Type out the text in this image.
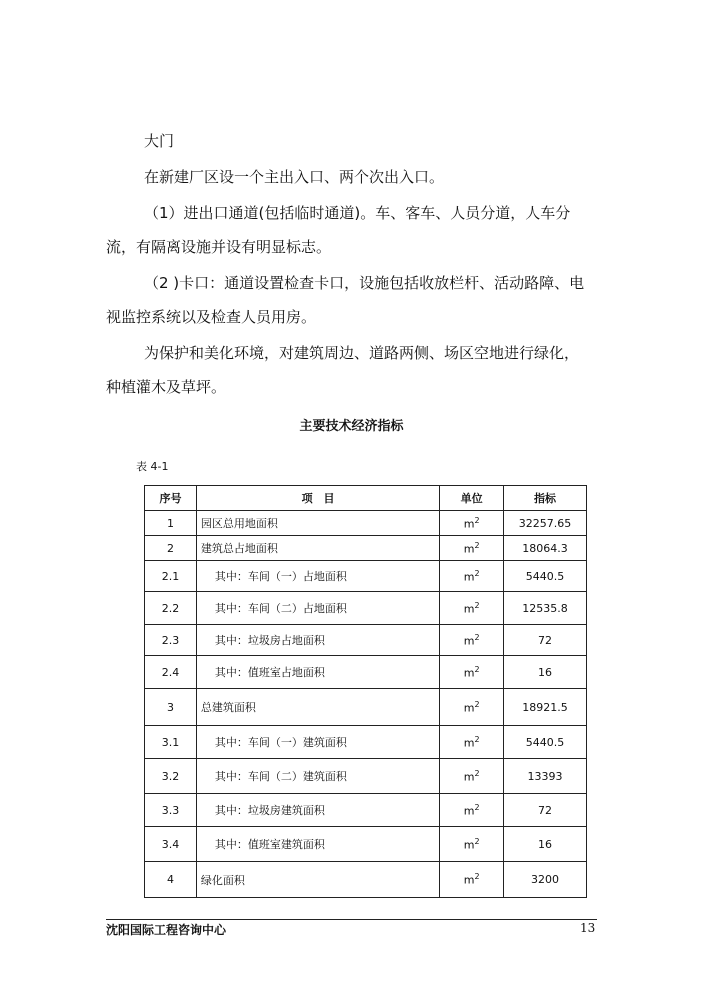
大门

在新建厂区设一个主出入口、两个次出入口。

（1）进出口通道(包括临时通道)。车、客车、人员分道，人车分流，有隔离设施并设有明显标志。

（2 )卡口：通道设置检查卡口，设施包括收放栏杆、活动路障、电视监控系统以及检查人员用房。

为保护和美化环境，对建筑周边、道路两侧、场区空地进行绿化，种植灌木及草坪。

主要技术经济指标
表 4-1
序号	项　目	单位	指标
1	园区总用地面积	$m^2$	32257.65
2	建筑总占地面积	$m^2$	18064.3
2.1	其中：车间（一）占地面积	$m^2$	5440.5
2.2	其中：车间（二）占地面积	$m^2$	12535.8
2.3	其中：垃圾房占地面积	$m^2$	72
2.4	其中：值班室占地面积	$m^2$	16
3	总建筑面积	$m^2$	18921.5
3.1	其中：车间（一）建筑面积	$m^2$	5440.5
3.2	其中：车间（二）建筑面积	$m^2$	13393
3.3	其中：垃圾房建筑面积	$m^2$	72
3.4	其中：值班室建筑面积	$m^2$	16
4	绿化面积	$m^2$	3200
沈阳国际工程咨询中心	13
